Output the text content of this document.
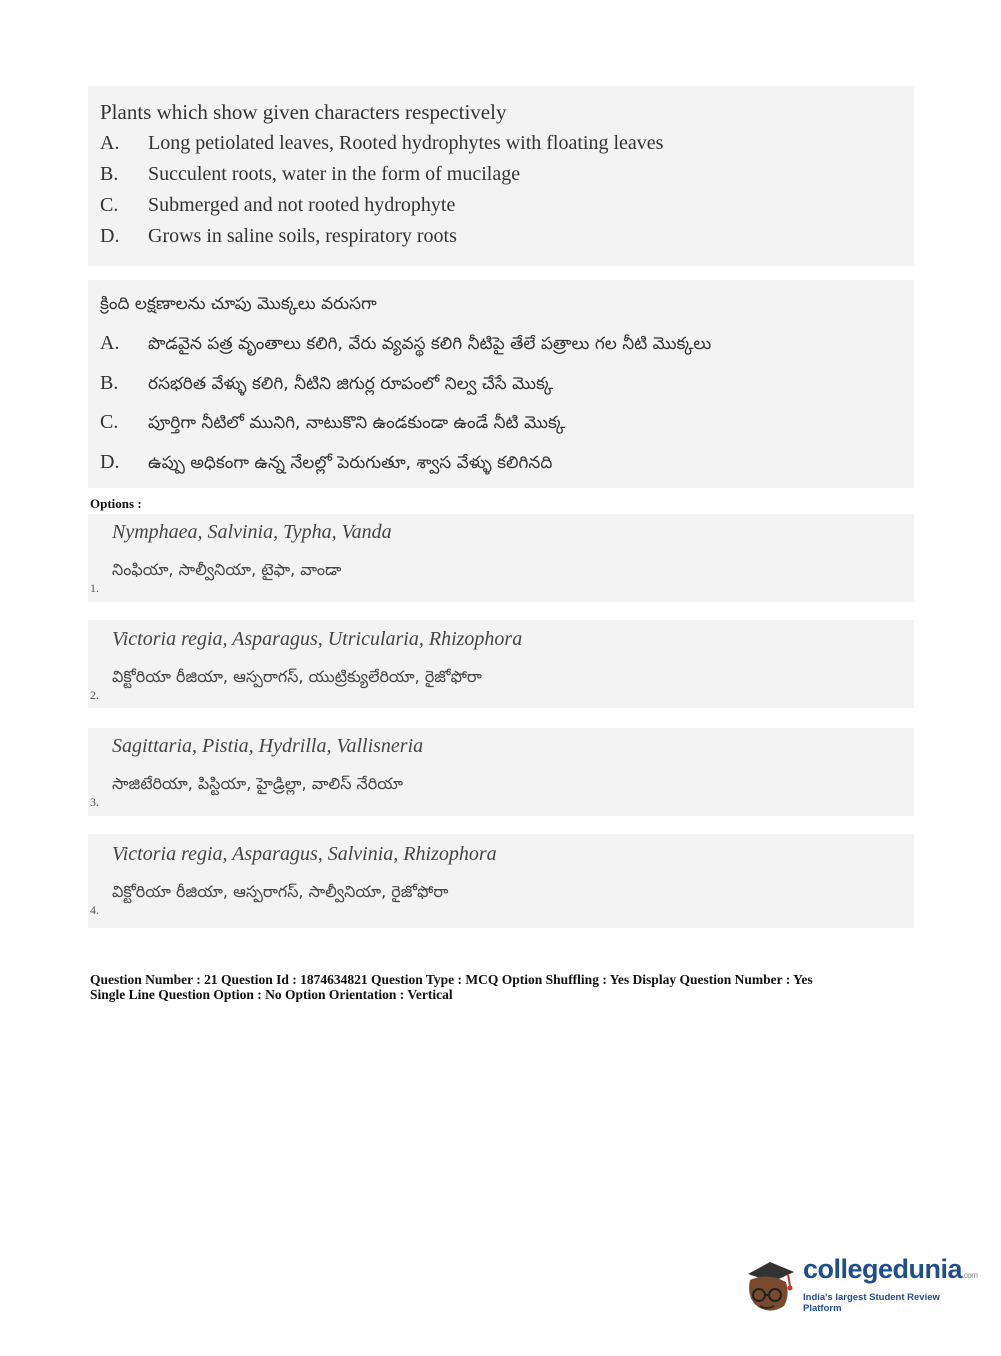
Plants which show given characters respectively
A. Long petiolated leaves, Rooted hydrophytes with floating leaves
B. Succulent roots, water in the form of mucilage
C. Submerged and not rooted hydrophyte
D. Grows in saline soils, respiratory roots
క్రింది లక్షణాలను చూపు మొక్కలు వరుసగా
A. పొడవైన పత్ర వృంతాలు కలిగి, వేరు వ్యవస్థ కలిగి నీటిపై తేలే పత్రాలు గల నీటి మొక్కలు
B. రసభరిత వేళ్ళు కలిగి, నీటిని జిగుర్ల రూపంలో నిల్వ చేసే మొక్క
C. పూర్తిగా నీటిలో మునిగి, నాటుకొని ఉండకుండా ఉండే నీటి మొక్క
D. ఉప్పు అధికంగా ఉన్న నేలల్లో పెరుగుతూ, శ్వాస వేళ్ళు కలిగినది
Options :
Nymphaea, Salvinia, Typha, Vanda
నింఫియా, సాల్వీనియా, టైఫా, వాండా
1.
Victoria regia, Asparagus, Utricularia, Rhizophora
విక్టోరియా రీజియా, ఆస్పరాగస్, యుట్రిక్యులేరియా, రైజోఫోరా
2.
Sagittaria, Pistia, Hydrilla, Vallisneria
సాజిటేరియా, పిస్టియా, హైడ్రిల్లా, వాలిస్ నేరియా
3.
Victoria regia, Asparagus, Salvinia, Rhizophora
విక్టోరియా రీజియా, ఆస్పరాగస్, సాల్వీనియా, రైజోఫోరా
4.
Question Number : 21 Question Id : 1874634821 Question Type : MCQ Option Shuffling : Yes Display Question Number : Yes
Single Line Question Option : No Option Orientation : Vertical
collegedunia.com
India's largest Student Review Platform
